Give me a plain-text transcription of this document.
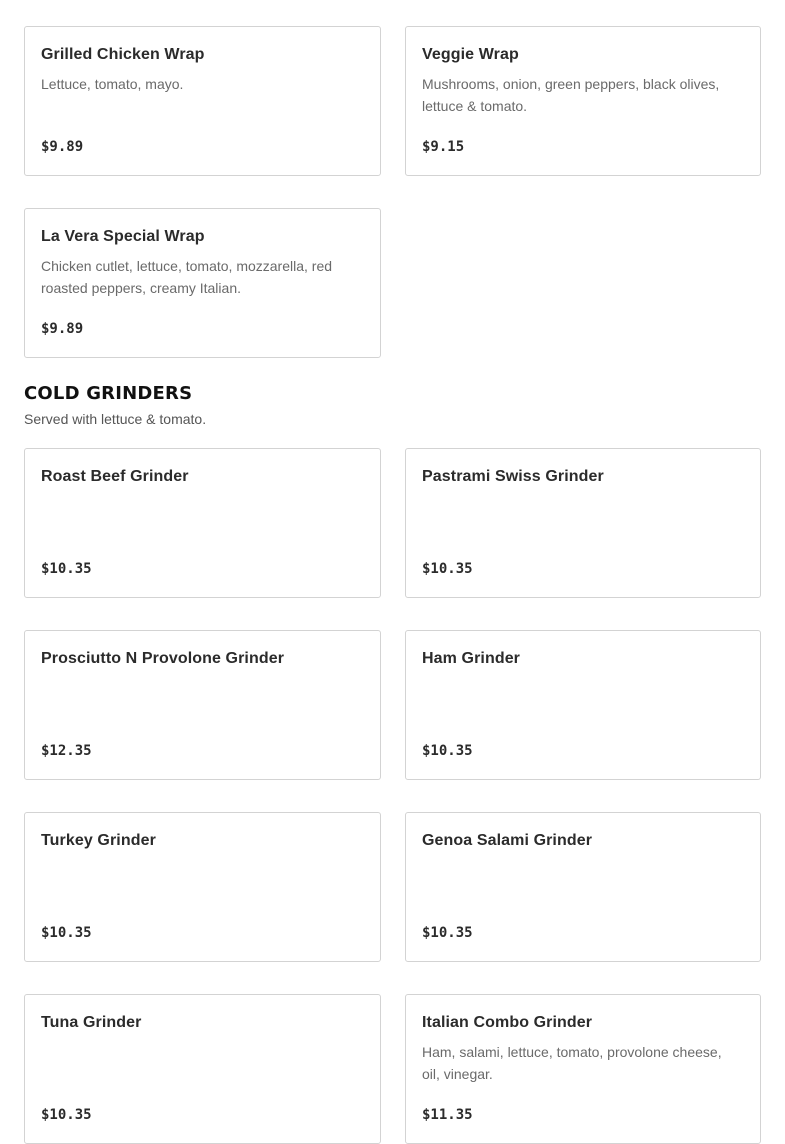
Grilled Chicken Wrap
Lettuce, tomato, mayo.
$9.89
Veggie Wrap
Mushrooms, onion, green peppers, black olives, lettuce & tomato.
$9.15
La Vera Special Wrap
Chicken cutlet, lettuce, tomato, mozzarella, red roasted peppers, creamy Italian.
$9.89
COLD GRINDERS
Served with lettuce & tomato.
Roast Beef Grinder
$10.35
Pastrami Swiss Grinder
$10.35
Prosciutto N Provolone Grinder
$12.35
Ham Grinder
$10.35
Turkey Grinder
$10.35
Genoa Salami Grinder
$10.35
Tuna Grinder
$10.35
Italian Combo Grinder
Ham, salami, lettuce, tomato, provolone cheese, oil, vinegar.
$11.35
